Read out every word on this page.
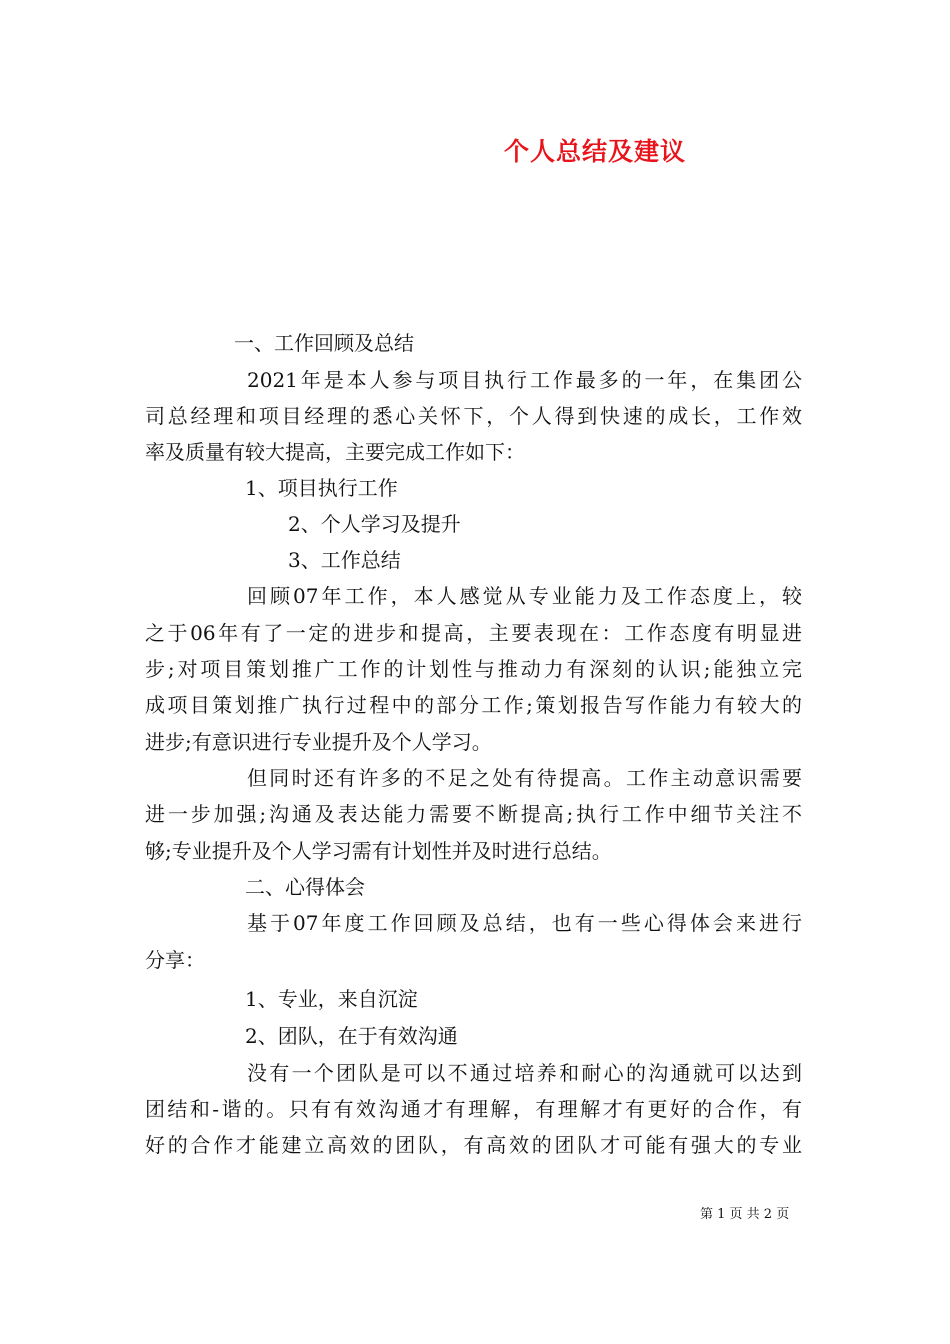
个人总结及建议
一、工作回顾及总结
2021年是本人参与项目执行工作最多的一年，在集团公
司总经理和项目经理的悉心关怀下，个人得到快速的成长，工作效
率及质量有较大提高，主要完成工作如下：
1、项目执行工作
2、个人学习及提升
3、工作总结
回顾07年工作，本人感觉从专业能力及工作态度上，较
之于06年有了一定的进步和提高，主要表现在：工作态度有明显进
步;对项目策划推广工作的计划性与推动力有深刻的认识;能独立完
成项目策划推广执行过程中的部分工作;策划报告写作能力有较大的
进步;有意识进行专业提升及个人学习。
但同时还有许多的不足之处有待提高。工作主动意识需要
进一步加强;沟通及表达能力需要不断提高;执行工作中细节关注不
够;专业提升及个人学习需有计划性并及时进行总结。
二、心得体会
基于07年度工作回顾及总结，也有一些心得体会来进行
分享：
1、专业，来自沉淀
2、团队，在于有效沟通
没有一个团队是可以不通过培养和耐心的沟通就可以达到
团结和-谐的。只有有效沟通才有理解，有理解才有更好的合作，有
好的合作才能建立高效的团队，有高效的团队才可能有强大的专业
第 1 页 共 2 页
